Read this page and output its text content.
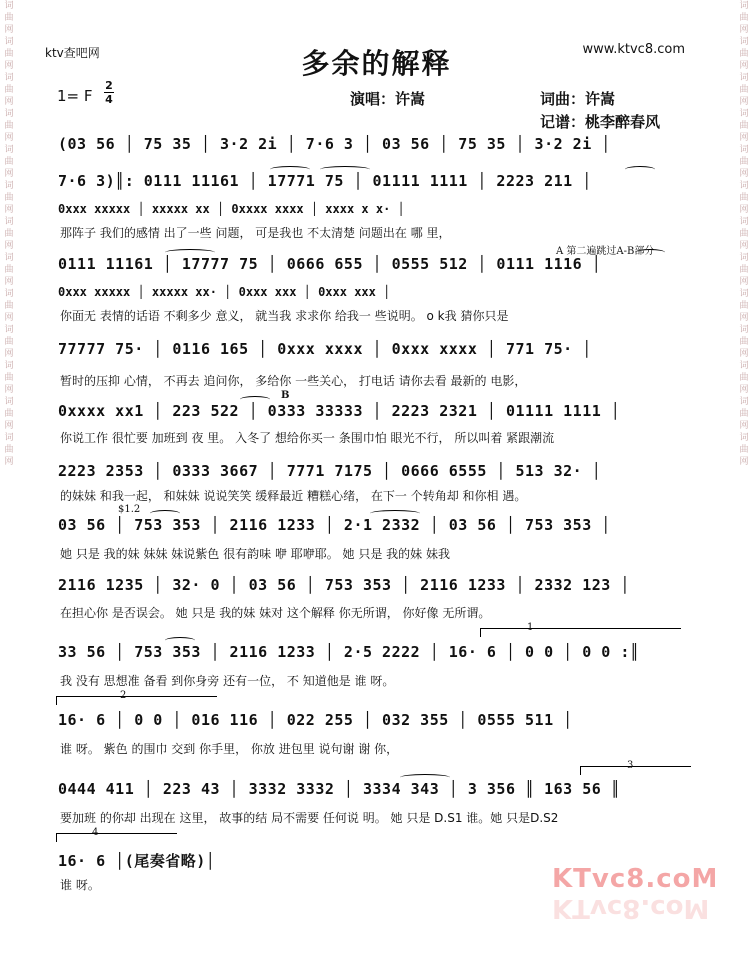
词曲网词曲网词曲网词曲网词曲网词曲网词曲网词曲网词曲网词曲网词曲网词曲网词曲网
词曲网词曲网词曲网词曲网词曲网词曲网词曲网词曲网词曲网词曲网词曲网词曲网词曲网
ktv查吧网	www.ktvc8.com
多余的解释
1= F
2
4	演唱：许嵩	词曲：许嵩
记谱：桃李醉春风
(03 56 │ 75 35 │ 3·2 2i │ 7·6 3 │ 03 56 │ 75 35 │ 3·2 2i │
7·6 3)║: 0111 11161 │ 17771 75 │ 01111 1111 │ 2223 211 │
0xxx xxxxx │ xxxxx xx │ 0xxxx xxxx │ xxxx x x· │
那阵子 我们的感情 出了一些 问题， 可是我也 不太清楚 问题出在 哪 里，
A 第二遍跳过A-B部分
0111 11161 │ 17777 75 │ 0666 655 │ 0555 512 │ 0111 1116 │
0xxx xxxxx │ xxxxx xx· │ 0xxx xxx │ 0xxx xxx │
你面无 表情的话语 不剩多少 意义， 就当我 求求你 给我一 些说明。 o k我 猜你只是
77777 75· │ 0116 165 │ 0xxx xxxx │ 0xxx xxxx │ 771 75· │
暂时的压抑 心情， 不再去 追问你， 多给你 一些关心， 打电话 请你去看 最新的 电影，
0xxxx xx1 │ 223 522 │ 0333 33333 │ 2223 2321 │ 01111 1111 │
你说工作 很忙要 加班到 夜 里。 入冬了 想给你买一 条围巾怕 眼光不行， 所以叫着 紧跟潮流
B
2223 2353 │ 0333 3667 │ 7771 7175 │ 0666 6555 │ 513 32· │
的妹妹 和我一起， 和妹妹 说说笑笑 缓释最近 糟糕心绪， 在下一 个转角却 和你相 遇。
03 56 │ 753 353 │ 2116 1233 │ 2·1 2332 │ 03 56 │ 753 353 │
她 只是 我的妹 妹妹 妹说紫色 很有韵味 咿 耶咿耶。 她 只是 我的妹 妹我
$1.2
2116 1235 │ 32· 0 │ 03 56 │ 753 353 │ 2116 1233 │ 2332 123 │
在担心你 是否误会。 她 只是 我的妹 妹对 这个解释 你无所谓， 你好像 无所谓。
1
33 56 │ 753 353 │ 2116 1233 │ 2·5 2222 │ 16· 6 │ 0 0 │ 0 0 :║
我 没有 思想准 备看 到你身旁 还有一位， 不 知道他是 谁 呀。
2
16· 6 │ 0 0 │ 016 116 │ 022 255 │ 032 355 │ 0555 511 │
谁 呀。 紫色 的围巾 交到 你手里， 你放 进包里 说句谢 谢 你，
3
0444 411 │ 223 43 │ 3332 3332 │ 3334 343 │ 3 356 ║ 163 56 ║
要加班 的你却 出现在 这里， 故事的结 局不需要 任何说 明。 她 只是 D.S1 谁。她 只是D.S2
4
16· 6 │(尾奏省略)│
谁 呀。	KTvc8.coM
KTvc8.coM
